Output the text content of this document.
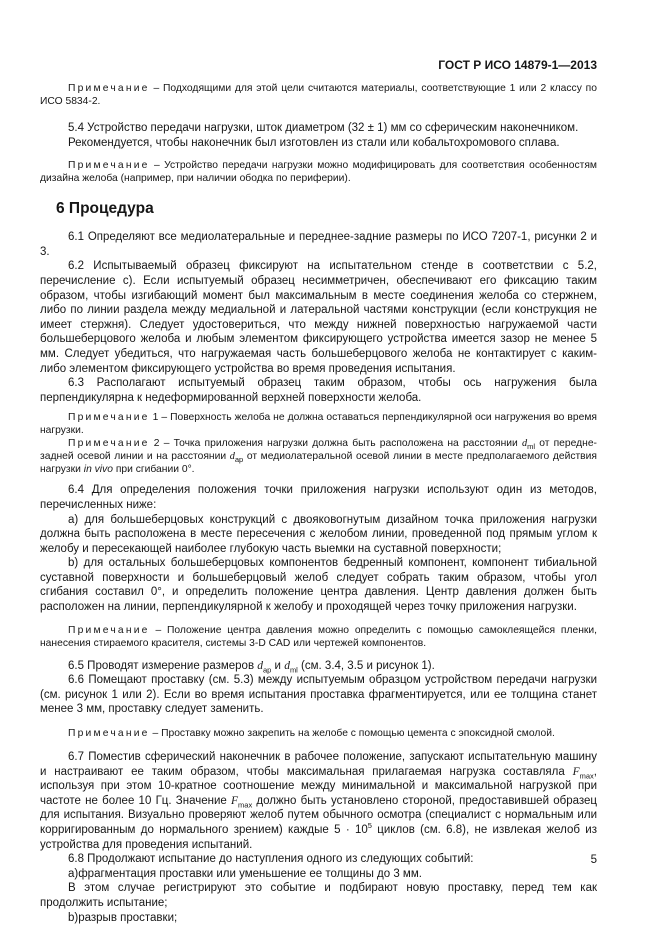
ГОСТ Р ИСО 14879-1—2013

Примечание – Подходящими для этой цели считаются материалы, соответствующие 1 или 2 классу по ИСО 5834-2.

5.4 Устройство передачи нагрузки, шток диаметром (32 ± 1) мм со сферическим наконечником.

Рекомендуется, чтобы наконечник был изготовлен из стали или кобальтохромового сплава.

Примечание – Устройство передачи нагрузки можно модифицировать для соответствия особенностям дизайна желоба (например, при наличии ободка по периферии).

6 Процедура

6.1 Определяют все медиолатеральные и переднее-задние размеры по ИСО 7207-1, рисунки 2 и 3.

6.2 Испытываемый образец фиксируют на испытательном стенде в соответствии с 5.2, перечисление c). Если испытуемый образец несимметричен, обеспечивают его фиксацию таким образом, чтобы изгибающий момент был максимальным в месте соединения желоба со стержнем, либо по линии раздела между медиальной и латеральной частями конструкции (если конструкция не имеет стержня). Следует удостовериться, что между нижней поверхностью нагружаемой части большеберцового желоба и любым элементом фиксирующего устройства имеется зазор не менее 5 мм. Следует убедиться, что нагружаемая часть большеберцового желоба не контактирует с каким-либо элементом фиксирующего устройства во время проведения испытания.

6.3 Располагают испытуемый образец таким образом, чтобы ось нагружения была перпендикулярна к недеформированной верхней поверхности желоба.

Примечание 1 – Поверхность желоба не должна оставаться перпендикулярной оси нагружения во время нагрузки.

Примечание 2 – Точка приложения нагрузки должна быть расположена на расстоянии $d_{ml}$ от передне-задней осевой линии и на расстоянии $d_{ap}$ от медиолатеральной осевой линии в месте предполагаемого действия нагрузки in vivo при сгибании 0°.

6.4 Для определения положения точки приложения нагрузки используют один из методов, перечисленных ниже:

a) для большеберцовых конструкций с двояковогнутым дизайном точка приложения нагрузки должна быть расположена в месте пересечения с желобом линии, проведенной под прямым углом к желобу и пересекающей наиболее глубокую часть выемки на суставной поверхности;

b) для остальных большеберцовых компонентов бедренный компонент, компонент тибиальной суставной поверхности и большеберцовый желоб следует собрать таким образом, чтобы угол сгибания составил 0°, и определить положение центра давления. Центр давления должен быть расположен на линии, перпендикулярной к желобу и проходящей через точку приложения нагрузки.

Примечание – Положение центра давления можно определить с помощью самоклеящейся пленки, нанесения стираемого красителя, системы 3-D CAD или чертежей компонентов.

6.5 Проводят измерение размеров $d_{ap}$ и $d_{ml}$ (см. 3.4, 3.5 и рисунок 1).

6.6 Помещают проставку (см. 5.3) между испытуемым образцом устройством передачи нагрузки (см. рисунок 1 или 2). Если во время испытания проставка фрагментируется, или ее толщина станет менее 3 мм, проставку следует заменить.

Примечание – Проставку можно закрепить на желобе с помощью цемента с эпоксидной смолой.

6.7 Поместив сферический наконечник в рабочее положение, запускают испытательную машину и настраивают ее таким образом, чтобы максимальная прилагаемая нагрузка составляла $F_{max}$, используя при этом 10-кратное соотношение между минимальной и максимальной нагрузкой при частоте не более 10 Гц. Значение $F_{max}$ должно быть установлено стороной, предоставившей образец для испытания. Визуально проверяют желоб путем обычного осмотра (специалист с нормальным или корригированным до нормального зрением) каждые $5 \cdot 10^5$ циклов (см. 6.8), не извлекая желоб из устройства для проведения испытаний.

6.8 Продолжают испытание до наступления одного из следующих событий:

a)фрагментация проставки или уменьшение ее толщины до 3 мм.

В этом случае регистрируют это событие и подбирают новую проставку, перед тем как продолжить испытание;

b)разрыв проставки;

5
